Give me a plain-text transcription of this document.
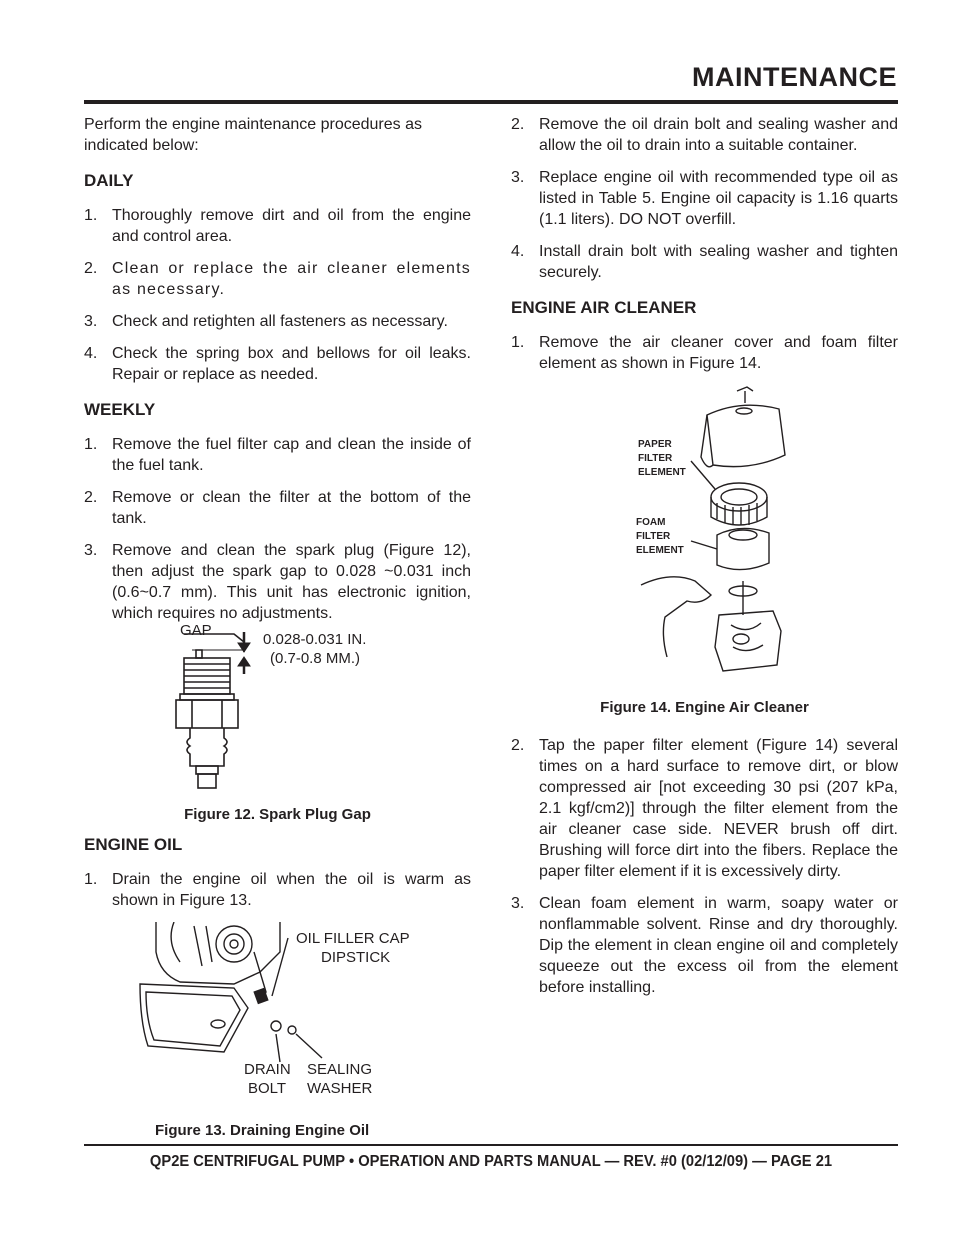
MAINTENANCE

Perform the engine maintenance procedures as indicated below:

DAILY
1. Thoroughly remove dirt and oil from the engine and control area.
2. Clean or replace the air cleaner elements as necessary.
3. Check and retighten all fasteners as necessary.
4. Check the spring box and bellows for oil leaks. Repair or replace as needed.
WEEKLY
1. Remove the fuel filter cap and clean the inside of the fuel tank.
2. Remove or clean the filter at the bottom of the tank.
3. Remove and clean the spark plug (Figure 12), then adjust the spark gap to 0.028 ~0.031 inch (0.6~0.7 mm). This unit has electronic ignition, which requires no adjustments.
GAP
0.028-0.031 IN.
(0.7-0.8 MM.)
Figure 12. Spark Plug Gap
ENGINE OIL
1. Drain the engine oil when the oil is warm as shown in Figure 13.
OIL FILLER CAP
DIPSTICK
DRAIN
BOLT
SEALING
WASHER
Figure 13. Draining Engine Oil
2. Remove the oil drain bolt and sealing washer and allow the oil to drain into a suitable container.
3. Replace engine oil with recommended type oil as listed in Table 5. Engine oil capacity is 1.16 quarts (1.1 liters). DO NOT overfill.
4. Install drain bolt with sealing washer and tighten securely.
ENGINE AIR CLEANER
1. Remove the air cleaner cover and foam filter element as shown in Figure 14.
PAPER
FILTER
ELEMENT
FOAM
FILTER
ELEMENT
Figure 14. Engine Air Cleaner
2. Tap the paper filter element (Figure 14) several times on a hard surface to remove dirt, or blow compressed air [not exceeding 30 psi (207 kPa, 2.1 kgf/cm2)] through the filter element from the air cleaner case side. NEVER brush off dirt. Brushing will force dirt into the fibers. Replace the paper filter element if it is excessively dirty.
3. Clean foam element in warm, soapy water or nonflammable solvent. Rinse and dry thoroughly. Dip the element in clean engine oil and completely squeeze out the excess oil from the element before installing.
QP2E CENTRIFUGAL PUMP • OPERATION AND PARTS MANUAL — REV. #0 (02/12/09) — PAGE 21
